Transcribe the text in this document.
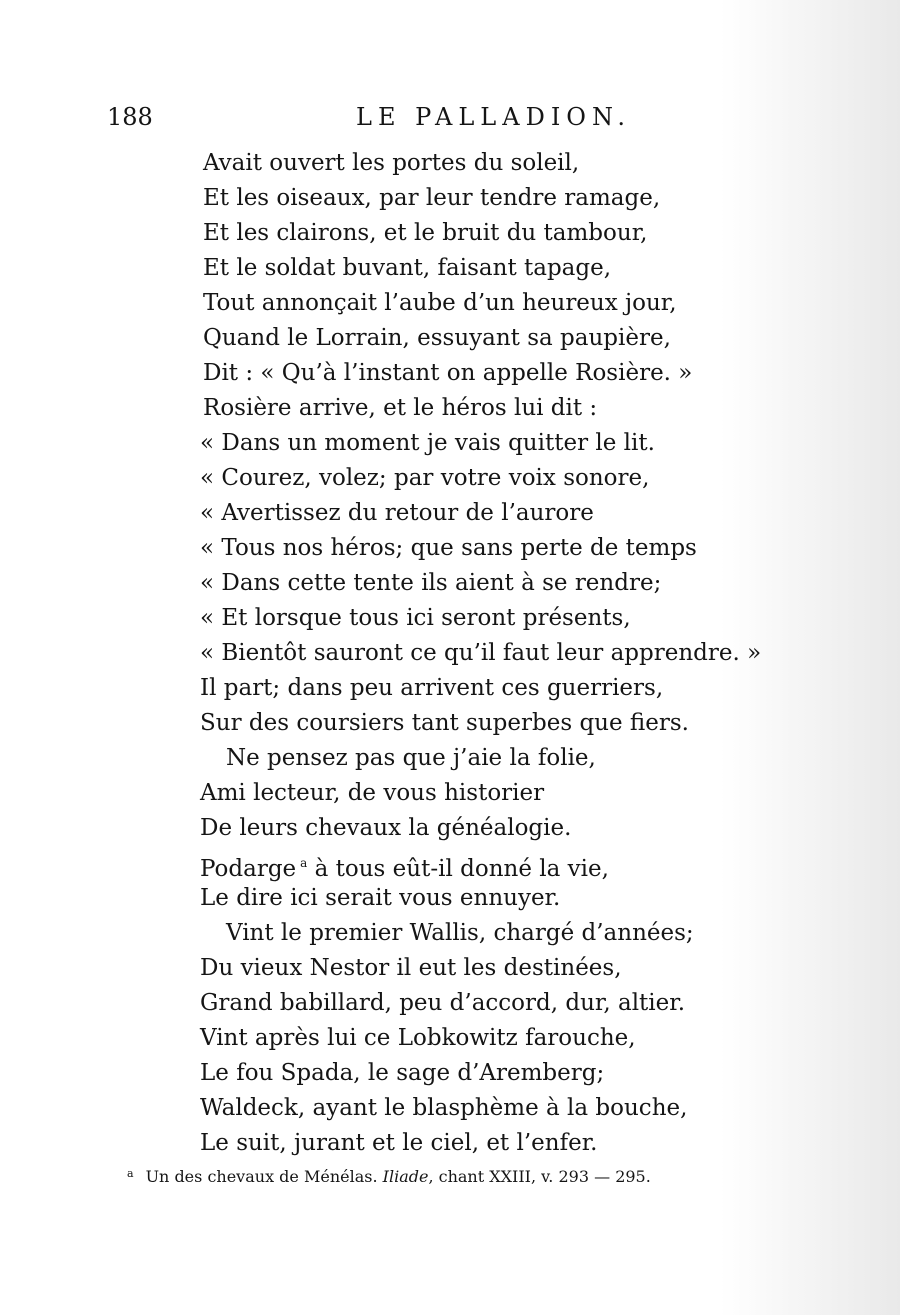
188	LE PALLADION.
Avait ouvert les portes du soleil,
Et les oiseaux, par leur tendre ramage,
Et les clairons, et le bruit du tambour,
Et le soldat buvant, faisant tapage,
Tout annonçait l’aube d’un heureux jour,
Quand le Lorrain, essuyant sa paupière,
Dit : « Qu’à l’instant on appelle Rosière. »
Rosière arrive, et le héros lui dit :
« Dans un moment je vais quitter le lit.
« Courez, volez; par votre voix sonore,
« Avertissez du retour de l’aurore
« Tous nos héros; que sans perte de temps
« Dans cette tente ils aient à se rendre;
« Et lorsque tous ici seront présents,
« Bientôt sauront ce qu’il faut leur apprendre. »
Il part; dans peu arrivent ces guerriers,
Sur des coursiers tant superbes que fiers.
Ne pensez pas que j’aie la folie,
Ami lecteur, de vous historier
De leurs chevaux la généalogie.
Podarge $^a$ à tous eût-il donné la vie,
Le dire ici serait vous ennuyer.
Vint le premier Wallis, chargé d’années;
Du vieux Nestor il eut les destinées,
Grand babillard, peu d’accord, dur, altier.
Vint après lui ce Lobkowitz farouche,
Le fou Spada, le sage d’Aremberg;
Waldeck, ayant le blasphème à la bouche,
Le suit, jurant et le ciel, et l’enfer.
$^a$ Un des chevaux de Ménélas. Iliade, chant XXIII, v. 293 — 295.
